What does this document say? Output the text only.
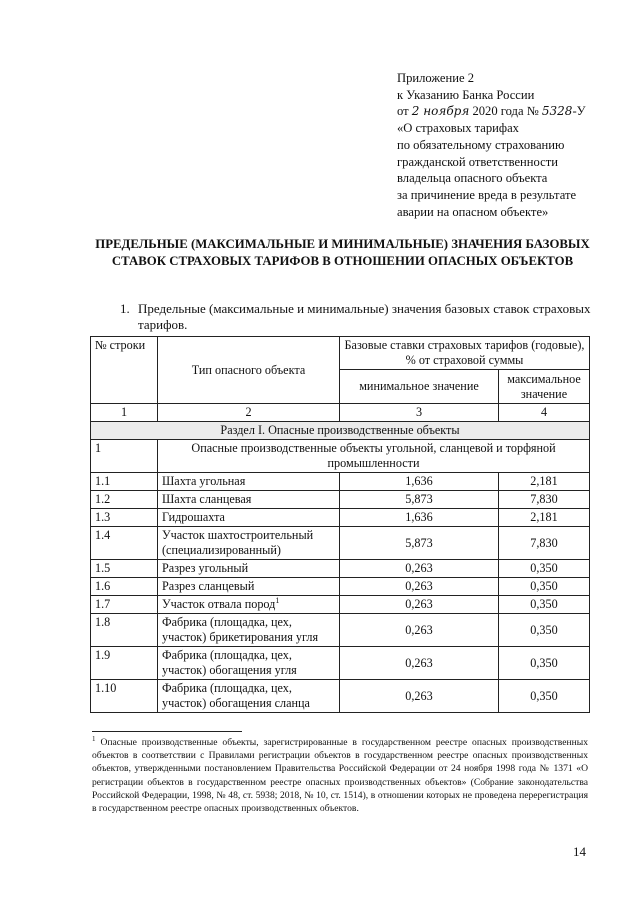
Приложение 2
к Указанию Банка России
от 2 ноября 2020 года № 5328-У
«О страховых тарифах
по обязательному страхованию
гражданской ответственности
владельца опасного объекта
за причинение вреда в результате
аварии на опасном объекте»
ПРЕДЕЛЬНЫЕ (МАКСИМАЛЬНЫЕ И МИНИМАЛЬНЫЕ) ЗНАЧЕНИЯ БАЗОВЫХ СТАВОК СТРАХОВЫХ ТАРИФОВ В ОТНОШЕНИИ ОПАСНЫХ ОБЪЕКТОВ
1. Предельные (максимальные и минимальные) значения базовых ставок страховых тарифов.
№ строки	Тип опасного объекта	Базовые ставки страховых тарифов (годовые), % от страховой суммы	
		минимальное значение	максимальное значение
1	2	3	4
Раздел I. Опасные производственные объекты			
1	Опасные производственные объекты угольной, сланцевой и торфяной промышленности		
1.1	Шахта угольная	1,636	2,181
1.2	Шахта сланцевая	5,873	7,830
1.3	Гидрошахта	1,636	2,181
1.4	Участок шахтостроительный (специализированный)	5,873	7,830
1.5	Разрез угольный	0,263	0,350
1.6	Разрез сланцевый	0,263	0,350
1.7	Участок отвала пород$^1$	0,263	0,350
1.8	Фабрика (площадка, цех, участок) брикетирования угля	0,263	0,350
1.9	Фабрика (площадка, цех, участок) обогащения угля	0,263	0,350
1.10	Фабрика (площадка, цех, участок) обогащения сланца	0,263	0,350
$^1$ Опасные производственные объекты, зарегистрированные в государственном реестре опасных производственных объектов в соответствии с Правилами регистрации объектов в государственном реестре опасных производственных объектов, утвержденными постановлением Правительства Российской Федерации от 24 ноября 1998 года № 1371 «О регистрации объектов в государственном реестре опасных производственных объектов» (Собрание законодательства Российской Федерации, 1998, № 48, ст. 5938; 2018, № 10, ст. 1514), в отношении которых не проведена перерегистрация в государственном реестре опасных производственных объектов.
14
